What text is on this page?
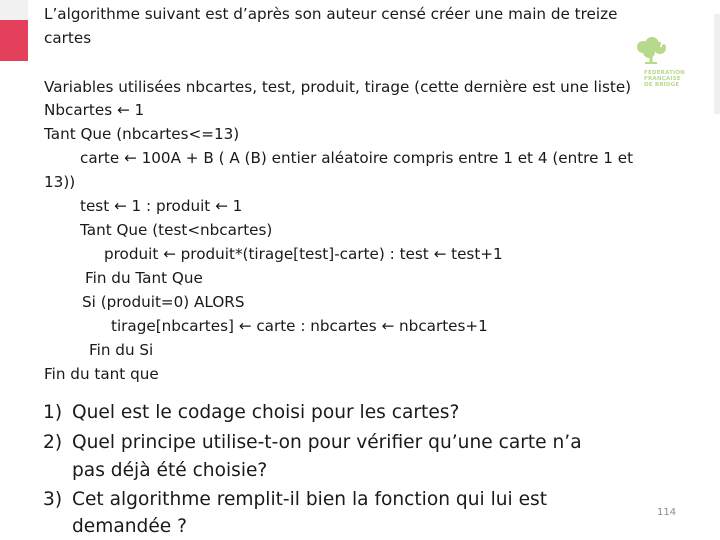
FFB
FEDERATION
FRANÇAISE
DE BRIDGE
L’algorithme suivant est d’après son auteur censé créer une main de treize
cartes
Variables utilisées nbcartes, test, produit, tirage (cette dernière est une liste)
Nbcartes ← 1
Tant Que (nbcartes<=13)
carte ← 100A + B ( A (B) entier aléatoire compris entre 1 et 4 (entre 1 et
13))
test ← 1 : produit ← 1
Tant Que (test<nbcartes)
produit ← produit*(tirage[test]-carte) : test ← test+1
Fin du Tant Que
Si (produit=0) ALORS
tirage[nbcartes] ← carte : nbcartes ← nbcartes+1
Fin du Si
Fin du tant que
1) Quel est le codage choisi pour les cartes?
2) Quel principe utilise-t-on pour vérifier qu’une carte n’a
pas déjà été choisie?
3) Cet algorithme remplit-il bien la fonction qui lui est
demandée ?
114
